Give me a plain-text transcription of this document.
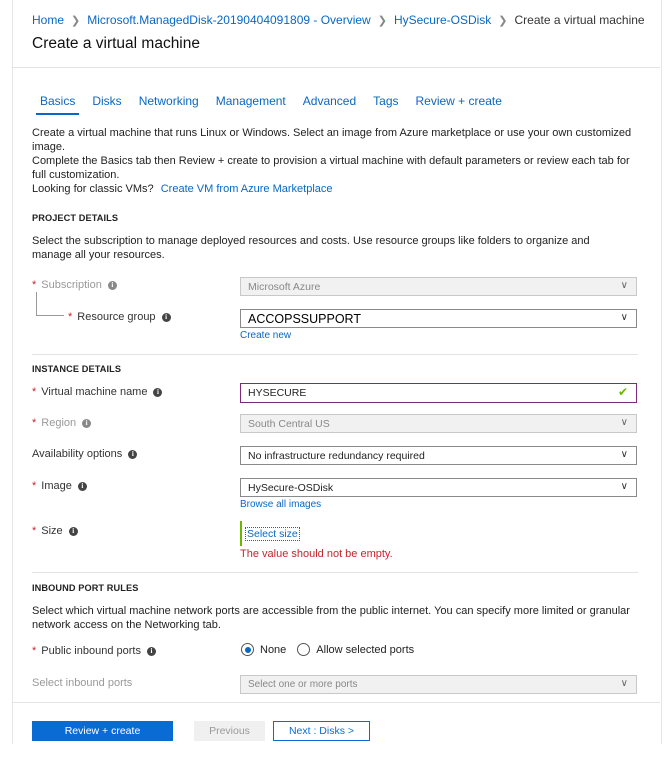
Home ❯ Microsoft.ManagedDisk-20190404091809 - Overview ❯ HySecure-OSDisk ❯ Create a virtual machine
Create a virtual machine
Basics	Disks	Networking	Management	Advanced	Tags	Review + create
Create a virtual machine that runs Linux or Windows. Select an image from Azure marketplace or use your own customized image.
Complete the Basics tab then Review + create to provision a virtual machine with default parameters or review each tab for full customization.
Looking for classic VMs? Create VM from Azure Marketplace
PROJECT DETAILS
Select the subscription to manage deployed resources and costs. Use resource groups like folders to organize and manage all your resources.
* Subscription	i	Microsoft Azure	∨
* Resource group	i	ACCOPSSUPPORT	∨
Create new
INSTANCE DETAILS
* Virtual machine name	i	HYSECURE	✔
* Region	i	South Central US	∨
Availability options	i	No infrastructure redundancy required	∨
* Image	i	HySecure-OSDisk	∨
Browse all images
* Size	i	Select size
The value should not be empty.
INBOUND PORT RULES
Select which virtual machine network ports are accessible from the public internet. You can specify more limited or granular network access on the Networking tab.
* Public inbound ports	i	None	Allow selected ports
Select inbound ports	Select one or more ports	∨
Review + create	Previous	Next : Disks >
